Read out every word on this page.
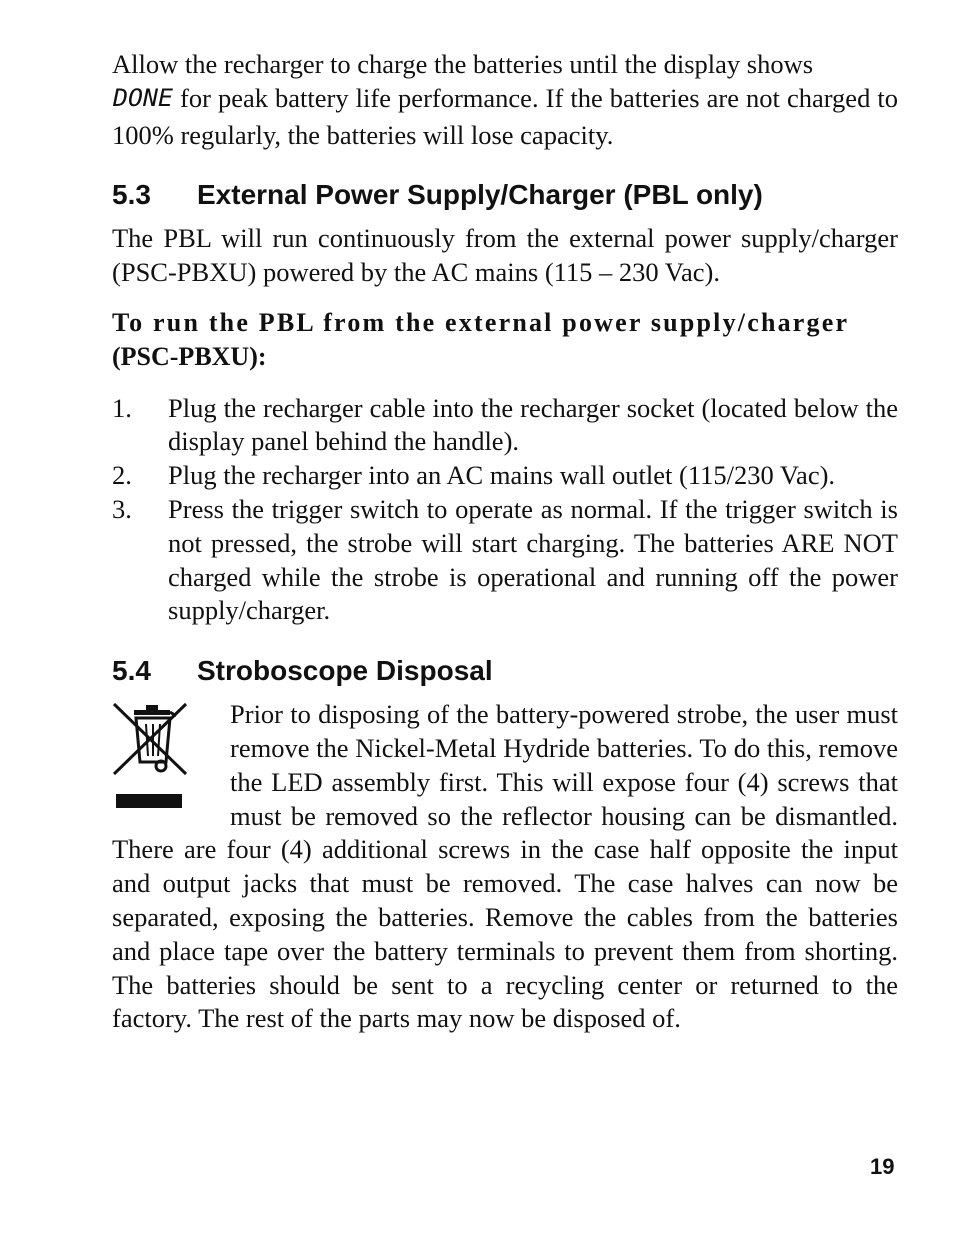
Allow the recharger to charge the batteries until the display shows

DONE for peak battery life performance. If the batteries are not charged to 100% regularly, the batteries will lose capacity.

5.3	External Power Supply/Charger (PBL only)

The PBL will run continuously from the external power supply/charger (PSC-PBXU) powered by the AC mains (115 – 230 Vac).

To run the PBL from the external power supply/charger
(PSC-PBXU):

1.	Plug the recharger cable into the recharger socket (located below the display panel behind the handle).
2.	Plug the recharger into an AC mains wall outlet (115/230 Vac).
3.	Press the trigger switch to operate as normal. If the trigger switch is not pressed, the strobe will start charging. The batteries ARE NOT charged while the strobe is operational and running off the power supply/charger.
5.4	Stroboscope Disposal

Prior to disposing of the battery-powered strobe, the user must remove the Nickel-Metal Hydride batteries. To do this, remove the LED assembly first. This will expose four (4) screws that must be removed so the reflector housing can be dismantled. There are four (4) additional screws in the case half opposite the input and output jacks that must be removed. The case halves can now be separated, exposing the batteries. Remove the cables from the batteries and place tape over the battery terminals to prevent them from shorting. The batteries should be sent to a recycling center or returned to the factory. The rest of the parts may now be disposed of.

19
